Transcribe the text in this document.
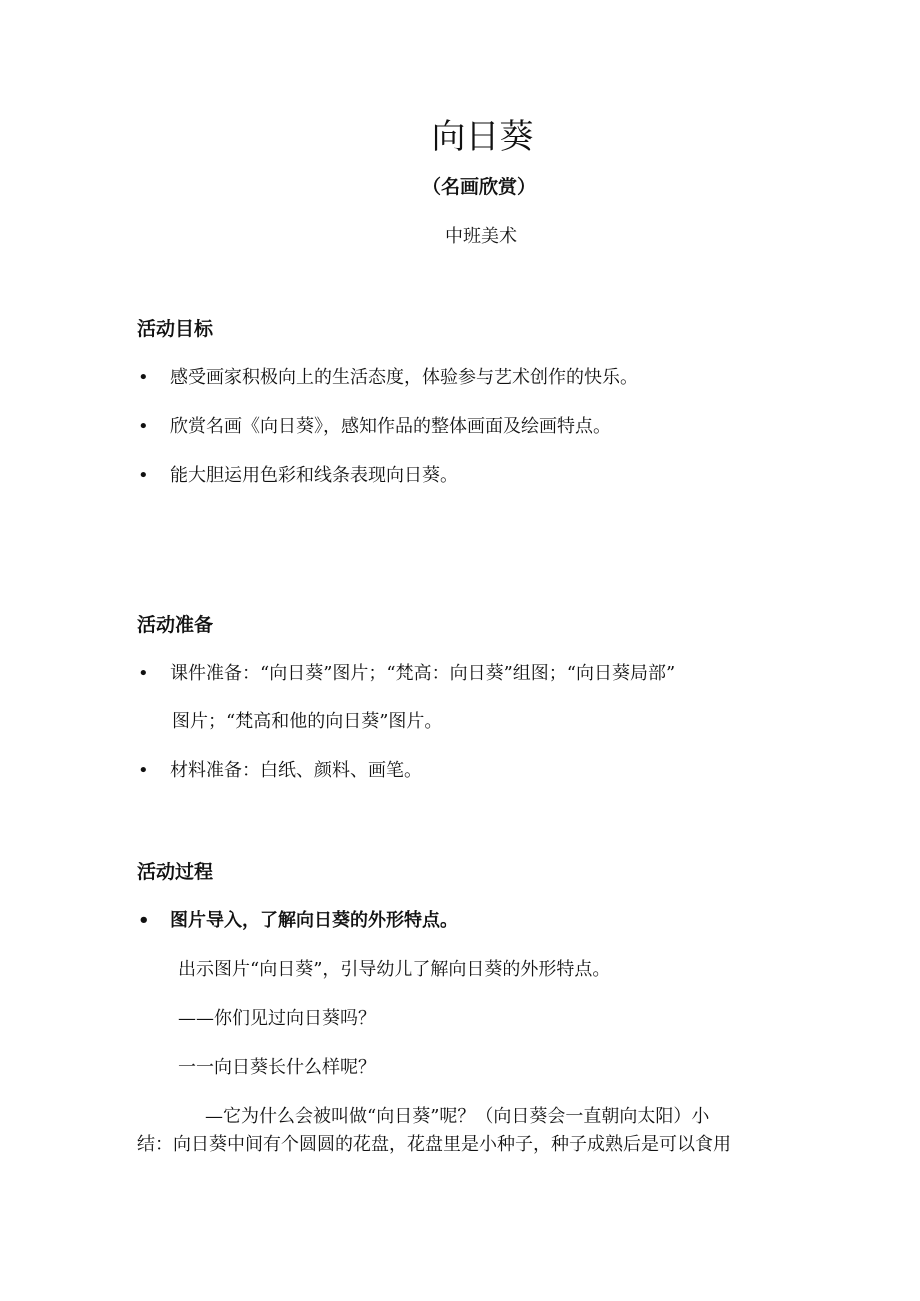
向日葵
（名画欣赏）
中班美术
活动目标
• 感受画家积极向上的生活态度，体验参与艺术创作的快乐。
• 欣赏名画《向日葵》，感知作品的整体画面及绘画特点。
• 能大胆运用色彩和线条表现向日葵。
活动准备
• 课件准备：“向日葵”图片；“梵高：向日葵”组图；“向日葵局部”
图片；“梵高和他的向日葵”图片。
• 材料准备：白纸、颜料、画笔。
活动过程
• 图片导入，了解向日葵的外形特点。
出示图片“向日葵”，引导幼儿了解向日葵的外形特点。
——你们见过向日葵吗？
一一向日葵长什么样呢？
—它为什么会被叫做“向日葵”呢？（向日葵会一直朝向太阳）小
结：向日葵中间有个圆圆的花盘，花盘里是小种子，种子成熟后是可以食用
